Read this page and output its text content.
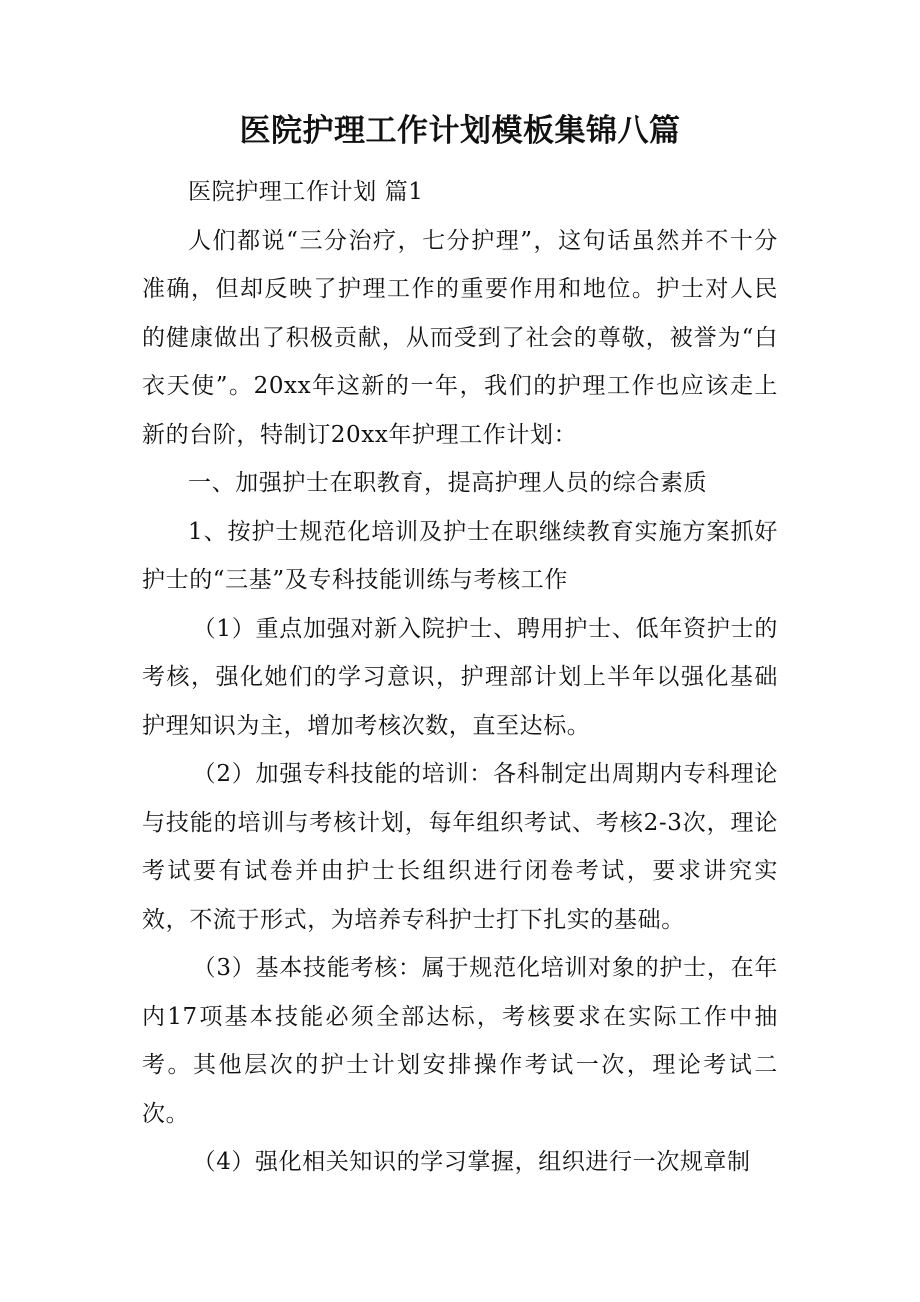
医院护理工作计划模板集锦八篇

医院护理工作计划 篇1

人们都说“三分治疗，七分护理”，这句话虽然并不十分准确，但却反映了护理工作的重要作用和地位。护士对人民的健康做出了积极贡献，从而受到了社会的尊敬，被誉为“白衣天使”。20xx年这新的一年，我们的护理工作也应该走上新的台阶，特制订20xx年护理工作计划：

一、加强护士在职教育，提高护理人员的综合素质

1、按护士规范化培训及护士在职继续教育实施方案抓好护士的“三基”及专科技能训练与考核工作

（1）重点加强对新入院护士、聘用护士、低年资护士的考核，强化她们的学习意识，护理部计划上半年以强化基础护理知识为主，增加考核次数，直至达标。

（2）加强专科技能的培训：各科制定出周期内专科理论与技能的培训与考核计划，每年组织考试、考核2-3次，理论考试要有试卷并由护士长组织进行闭卷考试，要求讲究实效，不流于形式，为培养专科护士打下扎实的基础。

（3）基本技能考核：属于规范化培训对象的护士，在年内17项基本技能必须全部达标，考核要求在实际工作中抽考。其他层次的护士计划安排操作考试一次，理论考试二次。

（4）强化相关知识的学习掌握，组织进行一次规章制
